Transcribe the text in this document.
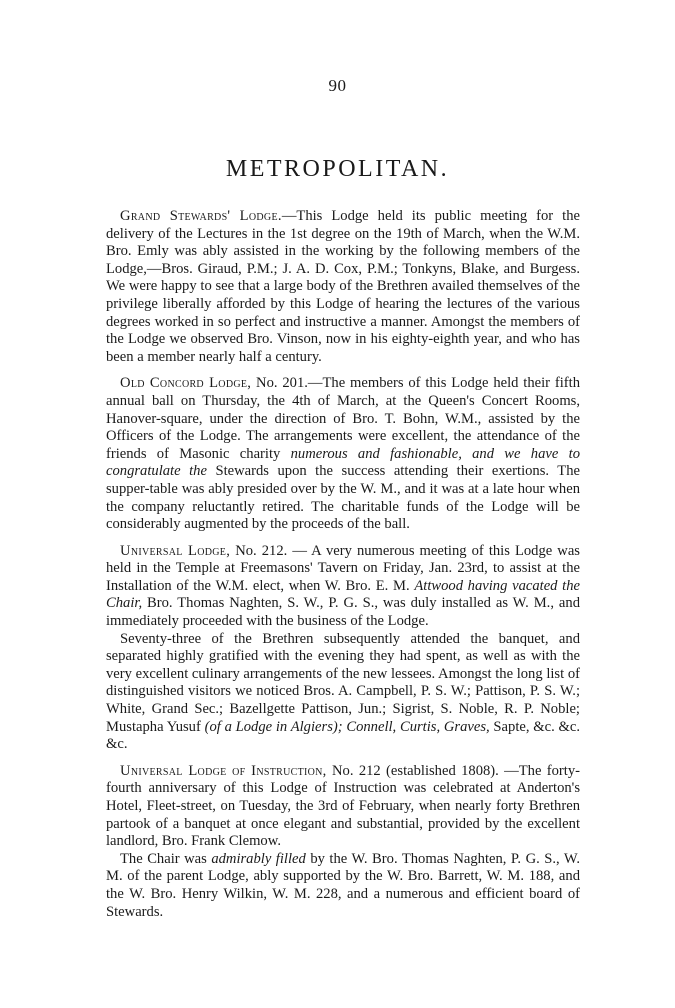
90
METROPOLITAN.

Grand Stewards' Lodge.—This Lodge held its public meeting for the delivery of the Lectures in the 1st degree on the 19th of March, when the W.M. Bro. Emly was ably assisted in the working by the following members of the Lodge,—Bros. Giraud, P.M.; J. A. D. Cox, P.M.; Tonkyns, Blake, and Burgess. We were happy to see that a large body of the Brethren availed themselves of the privilege liberally afforded by this Lodge of hearing the lectures of the various degrees worked in so perfect and instructive a manner. Amongst the members of the Lodge we observed Bro. Vinson, now in his eighty-eighth year, and who has been a member nearly half a century.

Old Concord Lodge, No. 201.—The members of this Lodge held their fifth annual ball on Thursday, the 4th of March, at the Queen's Concert Rooms, Hanover-square, under the direction of Bro. T. Bohn, W.M., assisted by the Officers of the Lodge. The arrangements were excellent, the attendance of the friends of Masonic charity numerous and fashionable, and we have to congratulate the Stewards upon the success attending their exertions. The supper-table was ably presided over by the W. M., and it was at a late hour when the company reluctantly retired. The charitable funds of the Lodge will be considerably augmented by the proceeds of the ball.

Universal Lodge, No. 212. — A very numerous meeting of this Lodge was held in the Temple at Freemasons' Tavern on Friday, Jan. 23rd, to assist at the Installation of the W.M. elect, when W. Bro. E. M. Attwood having vacated the Chair, Bro. Thomas Naghten, S. W., P. G. S., was duly installed as W. M., and immediately proceeded with the business of the Lodge.

Seventy-three of the Brethren subsequently attended the banquet, and separated highly gratified with the evening they had spent, as well as with the very excellent culinary arrangements of the new lessees. Amongst the long list of distinguished visitors we noticed Bros. A. Campbell, P. S. W.; Pattison, P. S. W.; White, Grand Sec.; Bazellgette Pattison, Jun.; Sigrist, S. Noble, R. P. Noble; Mustapha Yusuf (of a Lodge in Algiers); Connell, Curtis, Graves, Sapte, &c. &c. &c.

Universal Lodge of Instruction, No. 212 (established 1808). —The forty-fourth anniversary of this Lodge of Instruction was celebrated at Anderton's Hotel, Fleet-street, on Tuesday, the 3rd of February, when nearly forty Brethren partook of a banquet at once elegant and substantial, provided by the excellent landlord, Bro. Frank Clemow.

The Chair was admirably filled by the W. Bro. Thomas Naghten, P. G. S., W. M. of the parent Lodge, ably supported by the W. Bro. Barrett, W. M. 188, and the W. Bro. Henry Wilkin, W. M. 228, and a numerous and efficient board of Stewards.
